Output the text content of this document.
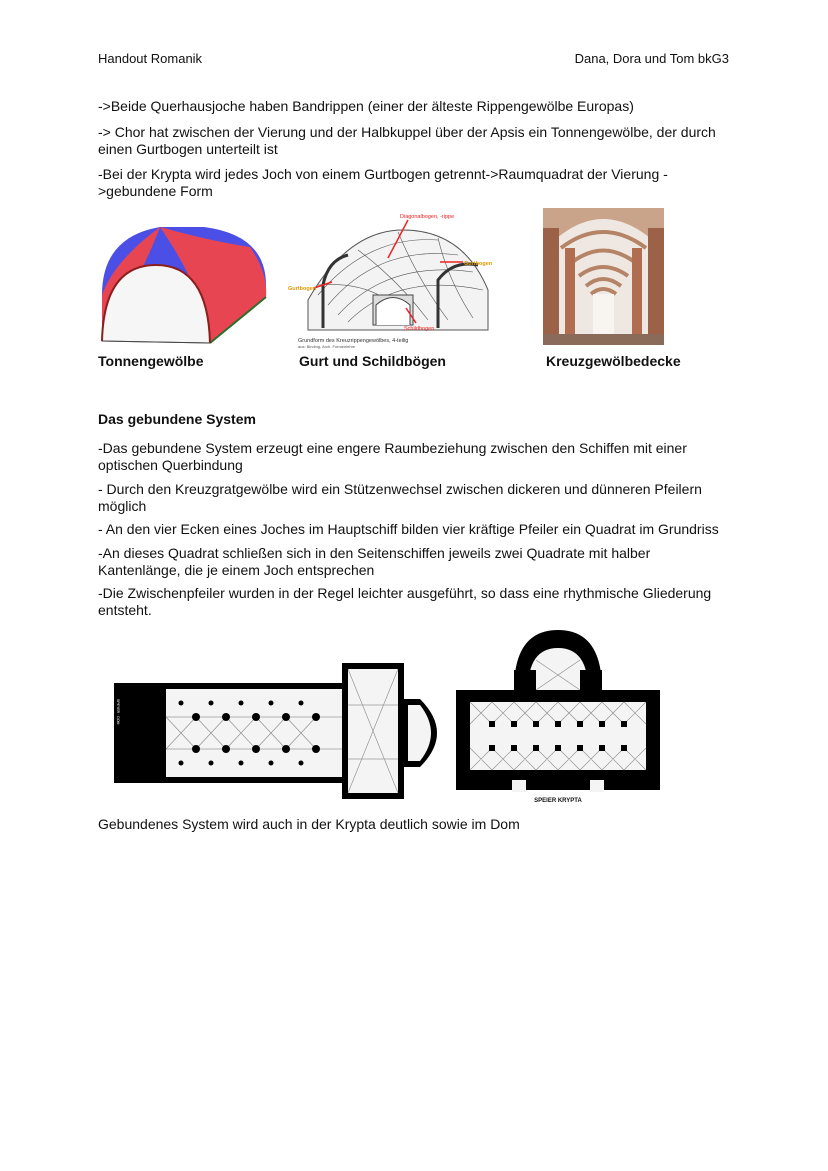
Handout Romanik	Dana, Dora und Tom bkG3
->Beide Querhausjoche haben Bandrippen (einer der älteste Rippengewölbe Europas)
-> Chor hat zwischen der Vierung und der Halbkuppel über der Apsis ein Tonnengewölbe, der durch einen Gurtbogen unterteilt ist
-Bei der Krypta wird jedes Joch von einem Gurtbogen getrennt->Raumquadrat der Vierung ->gebundene Form
Diagonalbogen, -rippe
Gurtbogen
Gurtbogen
Schildbogen
Grundform des Kreuzrippengewölbes, 4-teilig
aus: Binding, Arch. Formenlehre
Tonnengewölbe	Gurt und Schildbögen	Kreuzgewölbedecke
Das gebundene System
-Das gebundene System erzeugt eine engere Raumbeziehung zwischen den Schiffen mit einer optischen Querbindung
- Durch den Kreuzgratgewölbe wird ein Stützenwechsel zwischen dickeren und dünneren Pfeilern möglich
- An den vier Ecken eines Joches im Hauptschiff bilden vier kräftige Pfeiler ein Quadrat im Grundriss
-An dieses Quadrat schließen sich in den Seitenschiffen jeweils zwei Quadrate mit halber Kantenlänge, die je einem Joch entsprechen
-Die Zwischenpfeiler wurden in der Regel leichter ausgeführt, so dass eine rhythmische Gliederung entsteht.
SPEYER · DOM
SPEIER KRYPTA
Gebundenes System wird auch in der Krypta deutlich sowie im Dom
